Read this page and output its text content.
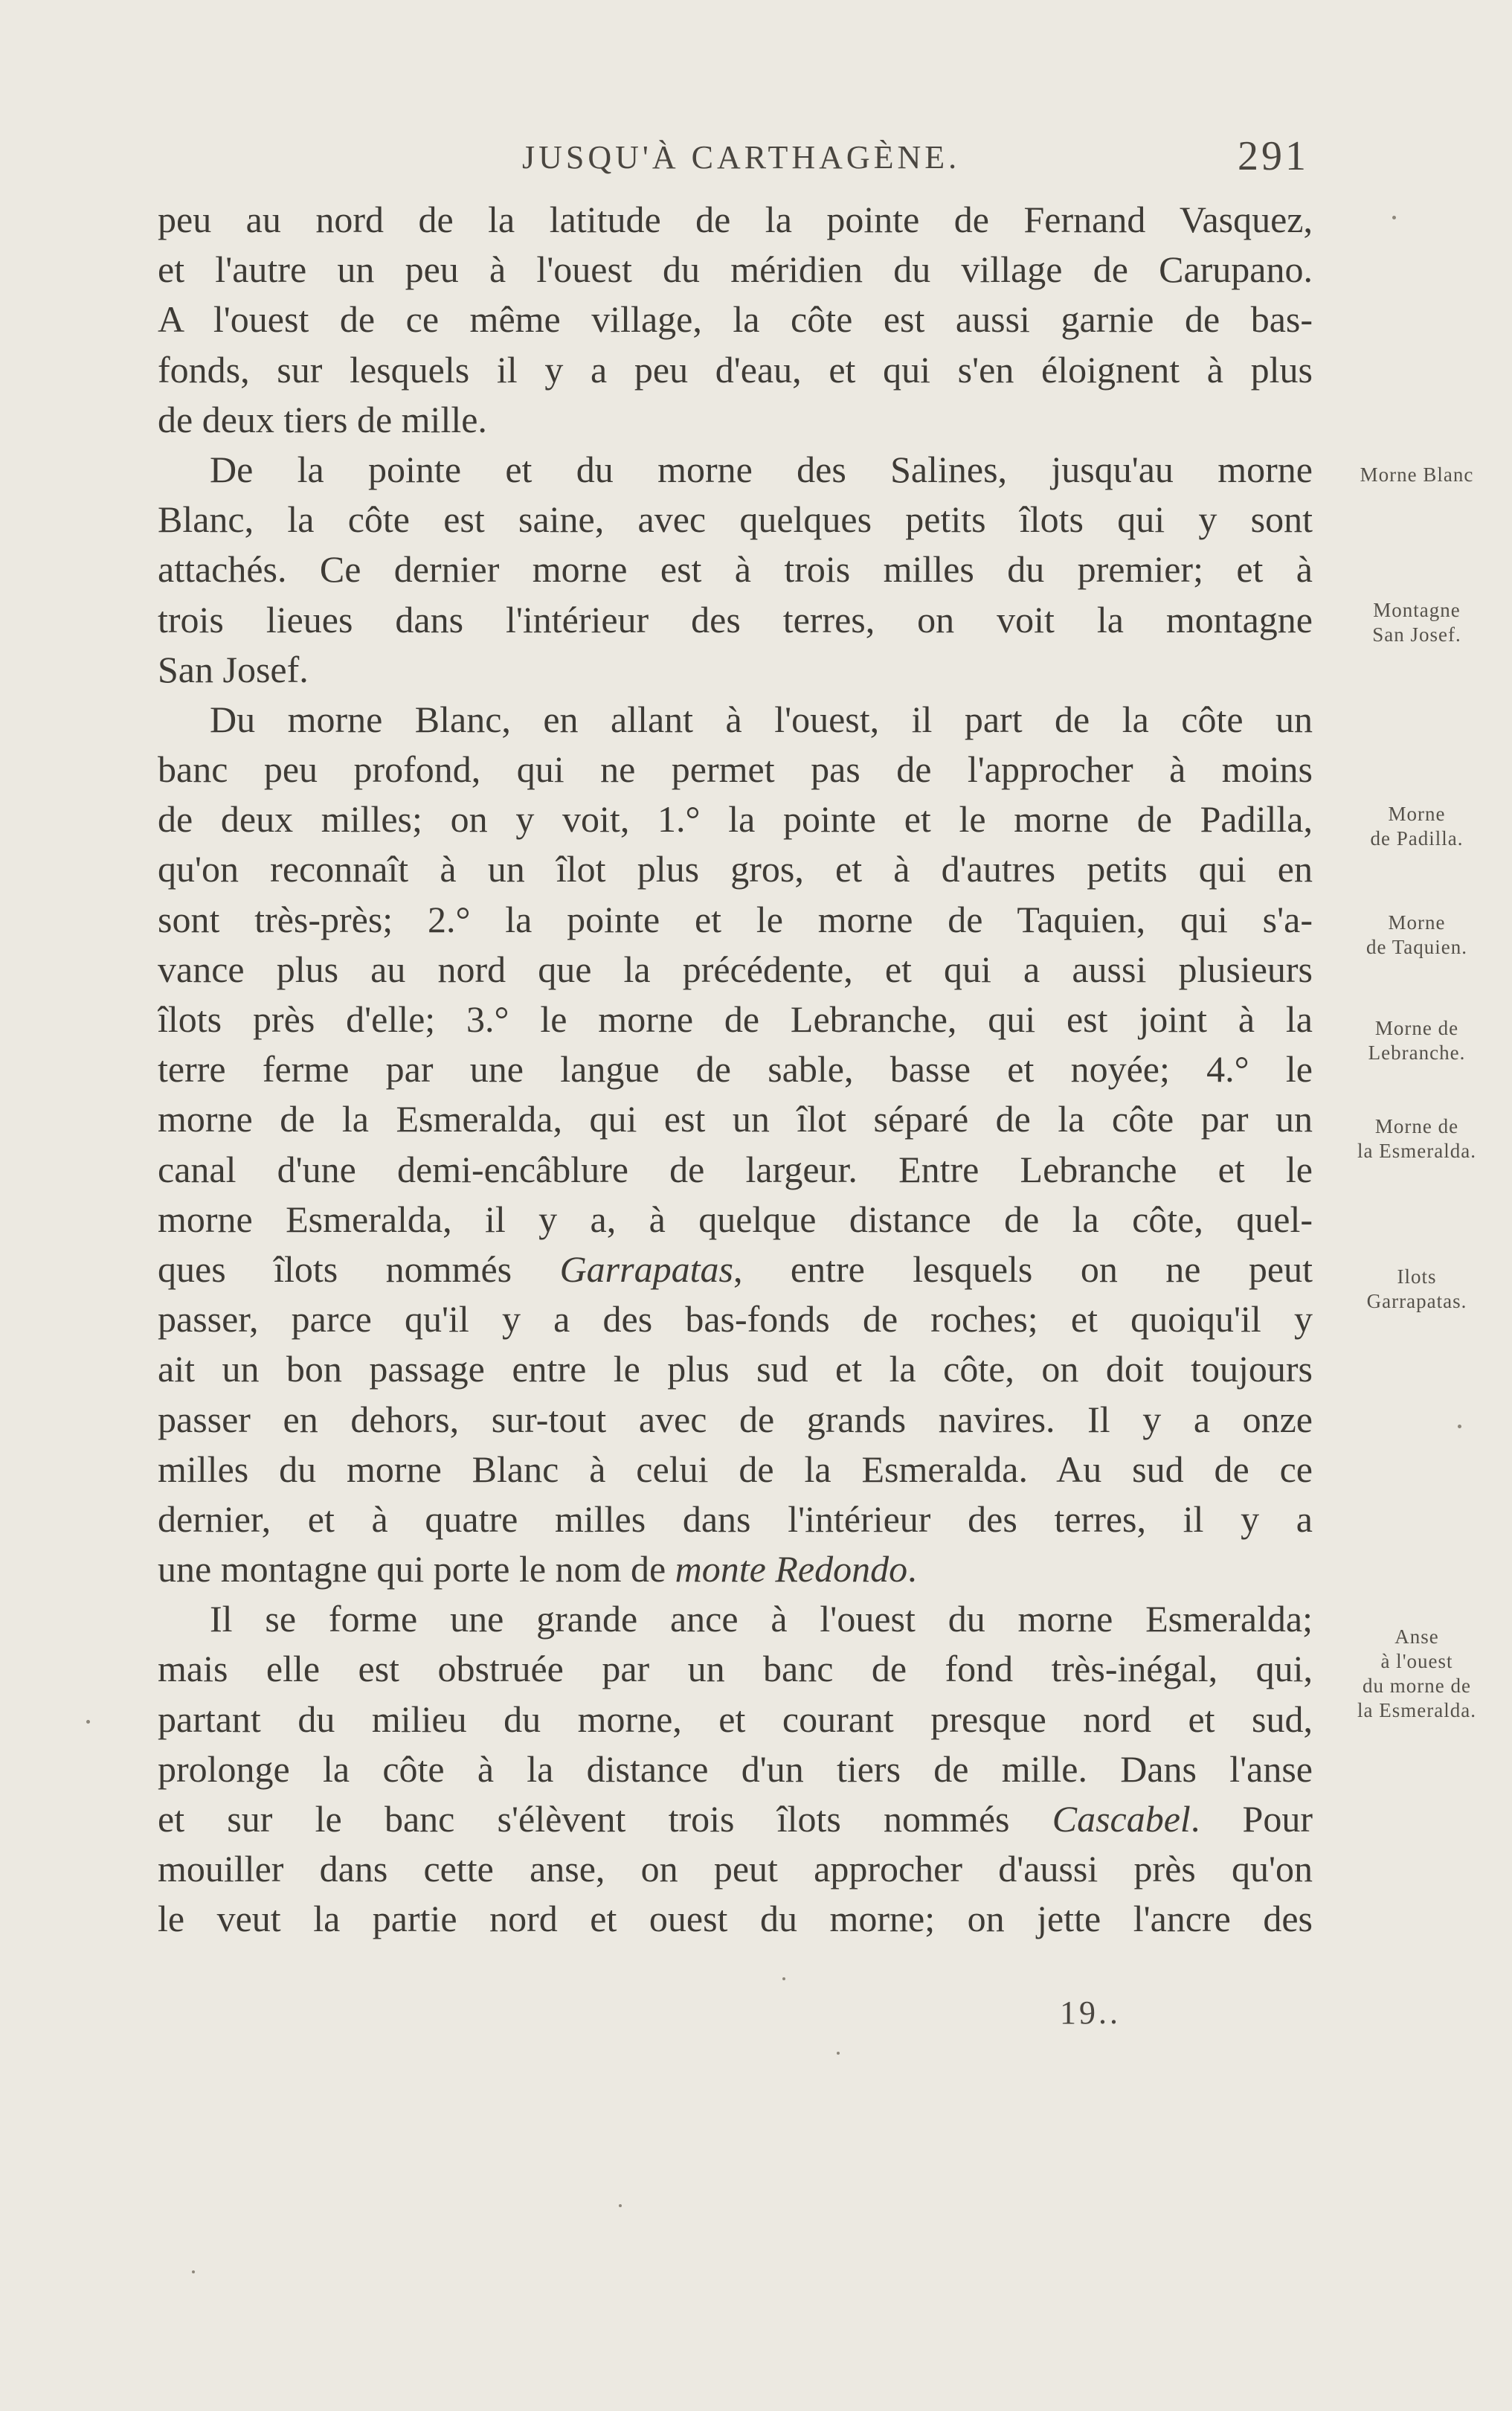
JUSQU'À CARTHAGÈNE.	291
peu au nord de la latitude de la pointe de Fernand Vasquez,
et l'autre un peu à l'ouest du méridien du village de Carupano.
A l'ouest de ce même village, la côte est aussi garnie de bas-
fonds, sur lesquels il y a peu d'eau, et qui s'en éloignent à plus
de deux tiers de mille.
De la pointe et du morne des Salines, jusqu'au morne
Blanc, la côte est saine, avec quelques petits îlots qui y sont
attachés. Ce dernier morne est à trois milles du premier; et à
trois lieues dans l'intérieur des terres, on voit la montagne
San Josef.
Du morne Blanc, en allant à l'ouest, il part de la côte un
banc peu profond, qui ne permet pas de l'approcher à moins
de deux milles; on y voit, 1.° la pointe et le morne de Padilla,
qu'on reconnaît à un îlot plus gros, et à d'autres petits qui en
sont très-près; 2.° la pointe et le morne de Taquien, qui s'a-
vance plus au nord que la précédente, et qui a aussi plusieurs
îlots près d'elle; 3.° le morne de Lebranche, qui est joint à la
terre ferme par une langue de sable, basse et noyée; 4.° le
morne de la Esmeralda, qui est un îlot séparé de la côte par un
canal d'une demi-encâblure de largeur. Entre Lebranche et le
morne Esmeralda, il y a, à quelque distance de la côte, quel-
ques îlots nommés Garrapatas, entre lesquels on ne peut
passer, parce qu'il y a des bas-fonds de roches; et quoiqu'il y
ait un bon passage entre le plus sud et la côte, on doit toujours
passer en dehors, sur-tout avec de grands navires. Il y a onze
milles du morne Blanc à celui de la Esmeralda. Au sud de ce
dernier, et à quatre milles dans l'intérieur des terres, il y a
une montagne qui porte le nom de monte Redondo.
Il se forme une grande ance à l'ouest du morne Esmeralda;
mais elle est obstruée par un banc de fond très-inégal, qui,
partant du milieu du morne, et courant presque nord et sud,
prolonge la côte à la distance d'un tiers de mille. Dans l'anse
et sur le banc s'élèvent trois îlots nommés Cascabel. Pour
mouiller dans cette anse, on peut approcher d'aussi près qu'on
le veut la partie nord et ouest du morne; on jette l'ancre des
Morne Blanc
Montagne
San Josef.
Morne
de Padilla.
Morne
de Taquien.
Morne de
Lebranche.
Morne de
la Esmeralda.
Ilots
Garrapatas.
Anse
à l'ouest
du morne de
la Esmeralda.
19..
